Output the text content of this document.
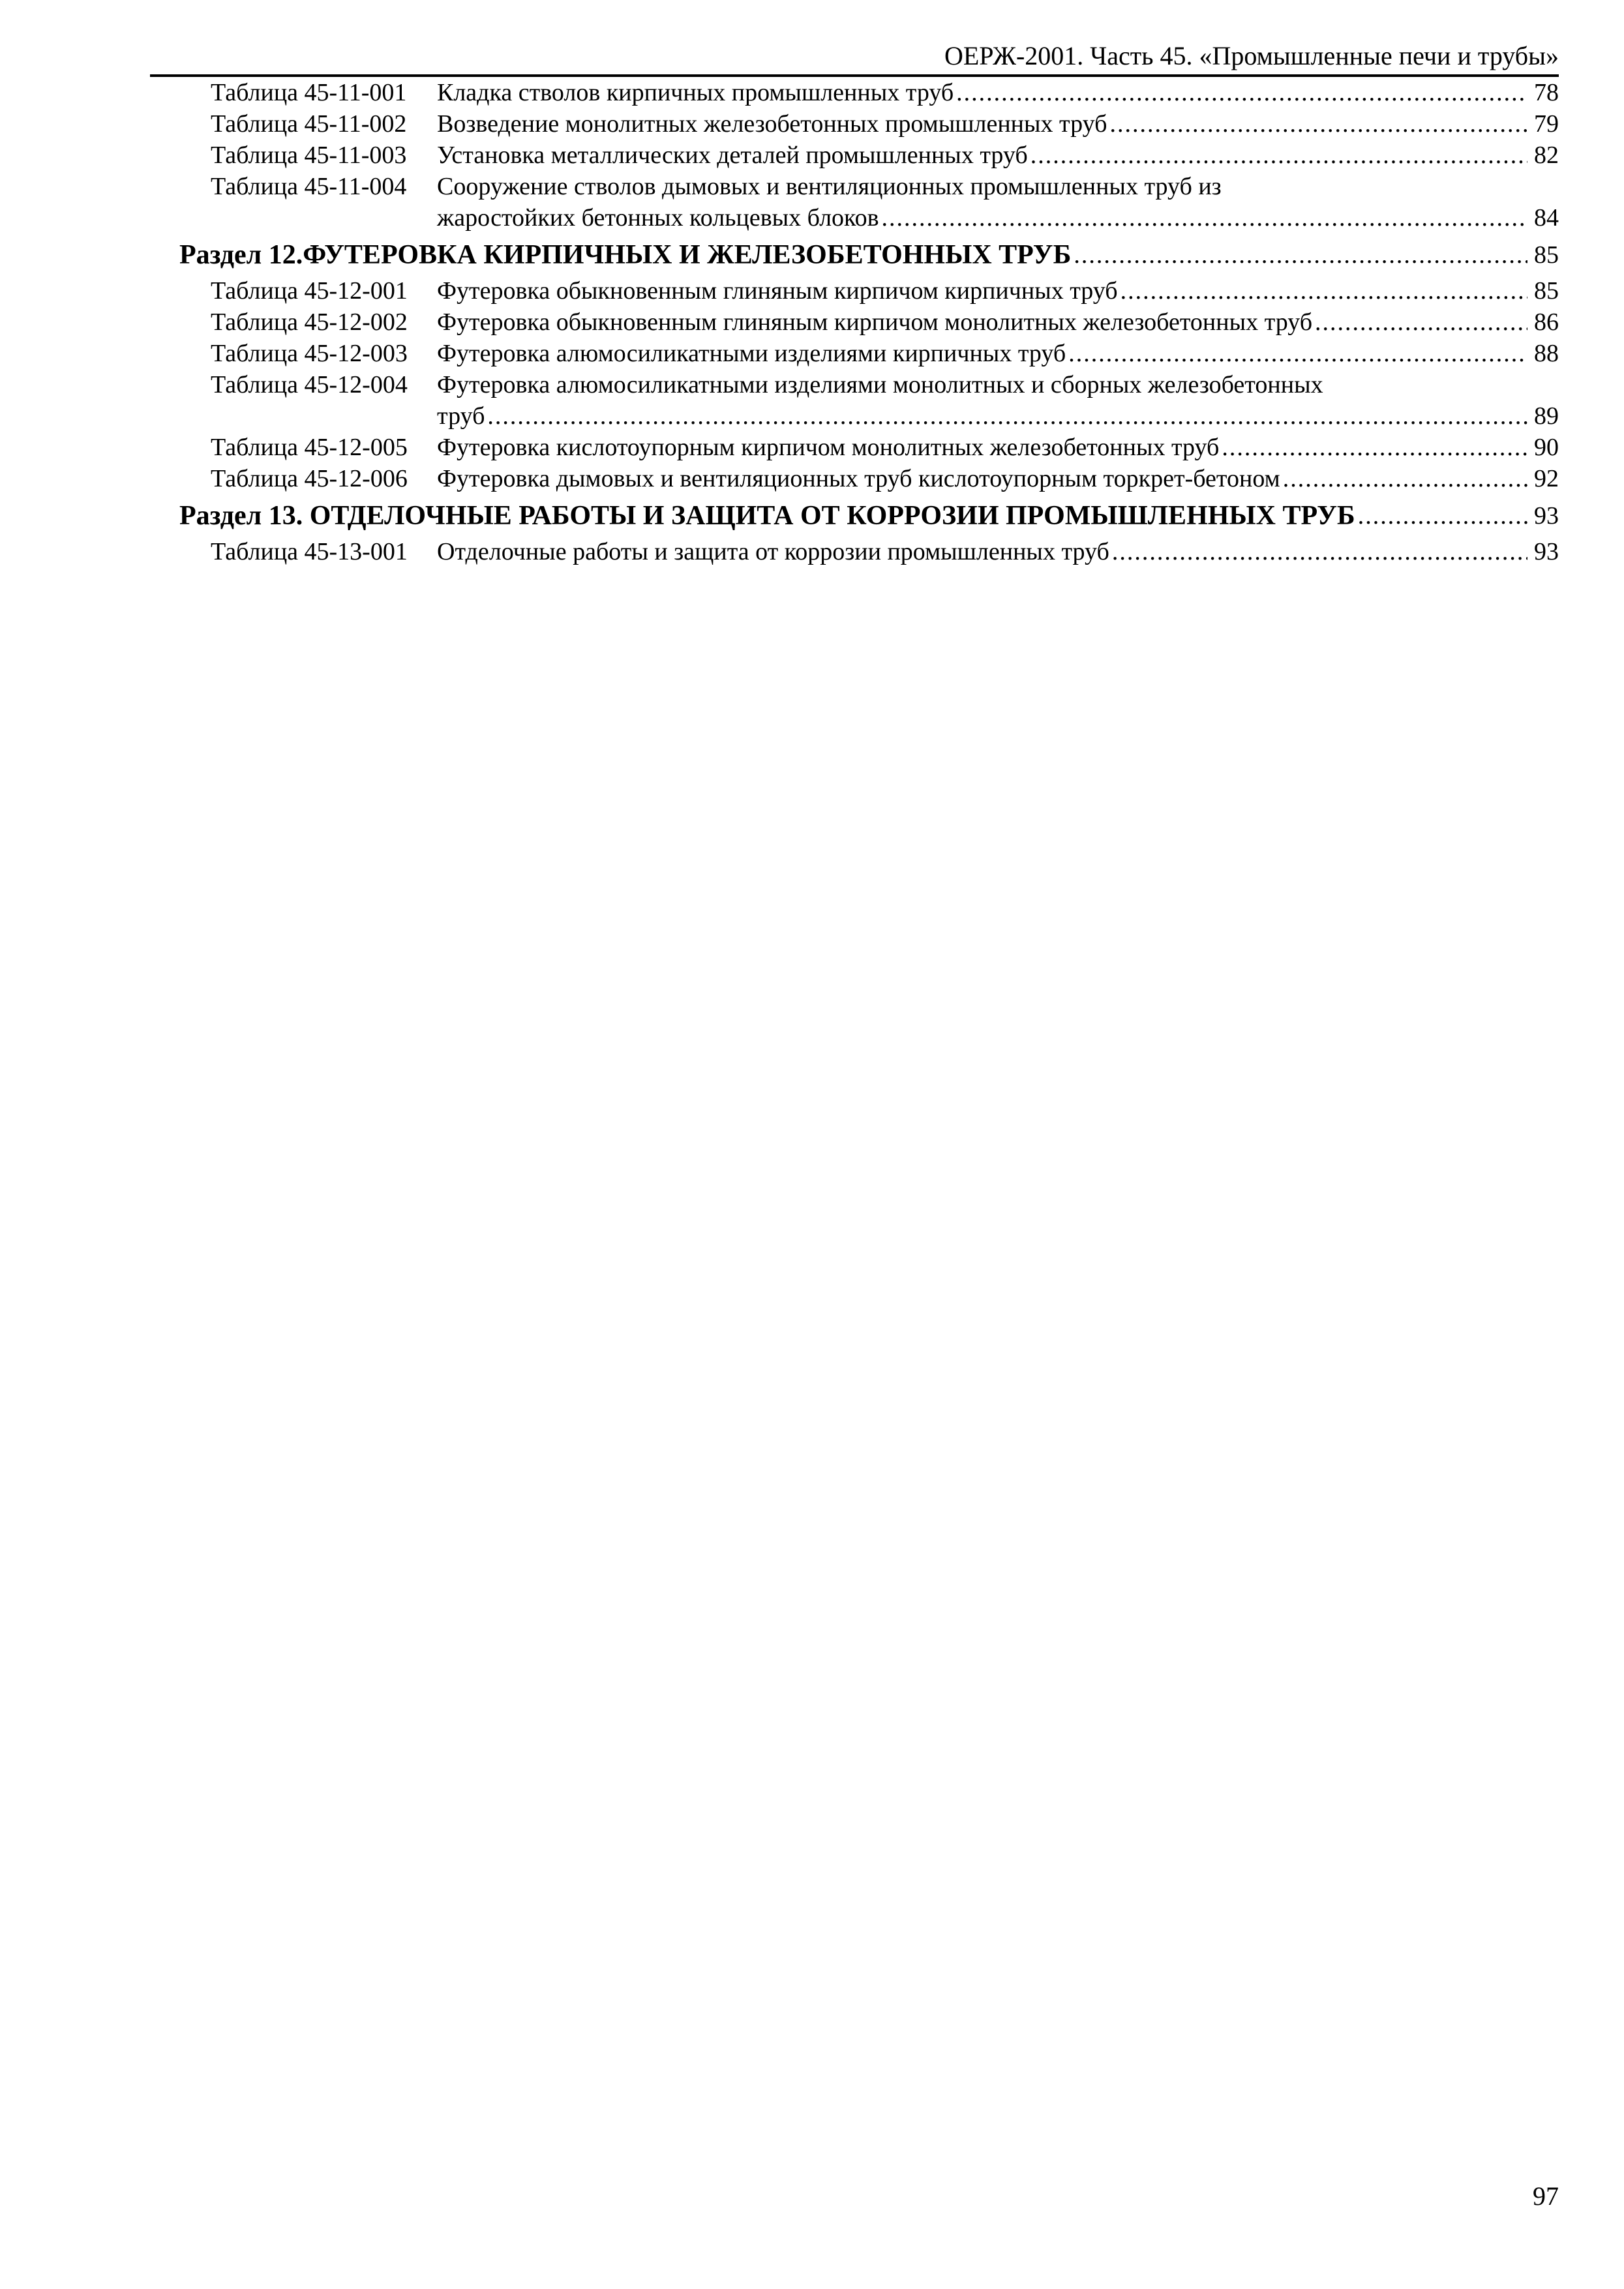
ОЕРЖ-2001. Часть 45. «Промышленные печи и трубы»
Таблица 45-11-001	Кладка стволов кирпичных промышленных труб .....	78
Таблица 45-11-002	Возведение монолитных железобетонных промышленных труб .....	79
Таблица 45-11-003	Установка металлических деталей промышленных труб .....	82
Таблица 45-11-004	Сооружение стволов дымовых и вентиляционных промышленных труб из
жаростойких бетонных кольцевых блоков .....	84
Раздел 12.ФУТЕРОВКА КИРПИЧНЫХ И ЖЕЛЕЗОБЕТОННЫХ ТРУБ .....	85
Таблица 45-12-001	Футеровка обыкновенным глиняным кирпичом кирпичных труб .....	85
Таблица 45-12-002	Футеровка обыкновенным глиняным кирпичом монолитных железобетонных труб .....	86
Таблица 45-12-003	Футеровка алюмосиликатными изделиями кирпичных труб .....	88
Таблица 45-12-004	Футеровка алюмосиликатными изделиями монолитных и сборных железобетонных
труб .....	89
Таблица 45-12-005	Футеровка кислотоупорным кирпичом монолитных железобетонных труб .....	90
Таблица 45-12-006	Футеровка дымовых и вентиляционных труб кислотоупорным торкрет-бетоном .....	92
Раздел 13. ОТДЕЛОЧНЫЕ РАБОТЫ И ЗАЩИТА ОТ КОРРОЗИИ ПРОМЫШЛЕННЫХ ТРУБ .....	93
Таблица 45-13-001	Отделочные работы и защита от коррозии промышленных труб .....	93
97
